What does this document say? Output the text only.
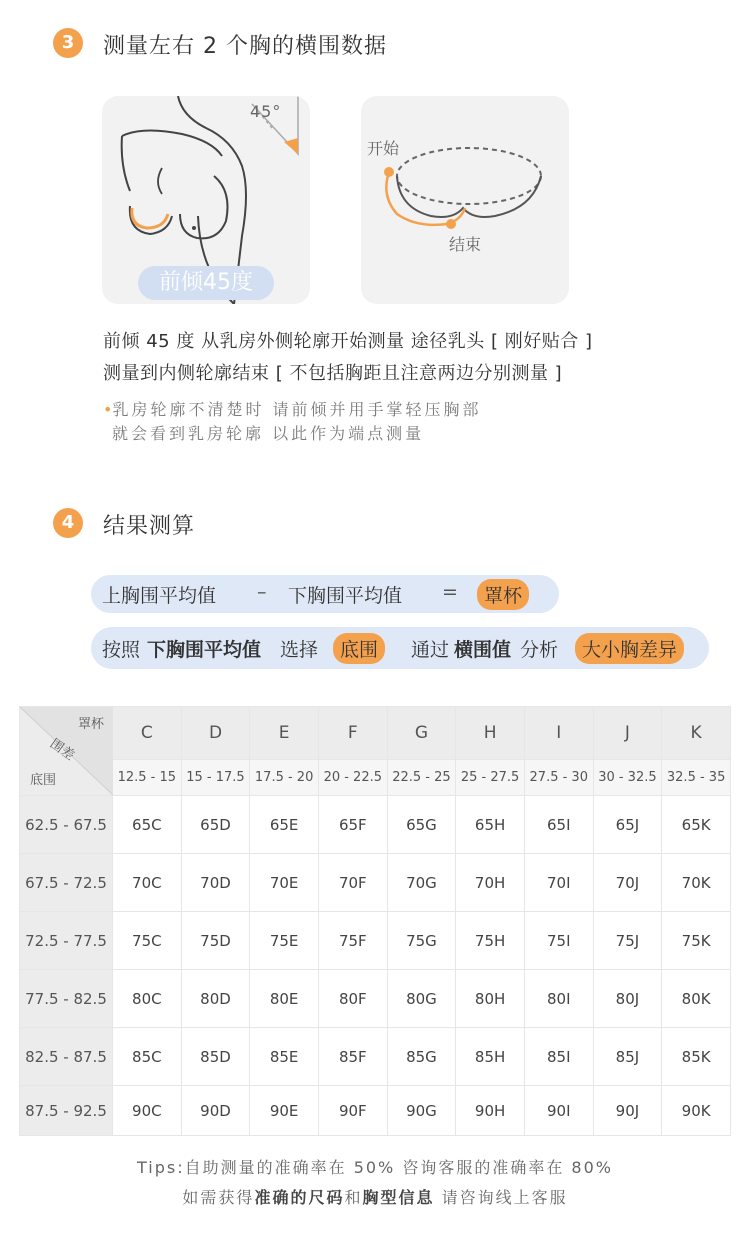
3	测量左右 2 个胸的横围数据
45°
前倾45度
开始
结束
前倾 45 度 从乳房外侧轮廓开始测量 途径乳头 [ 刚好贴合 ]
测量到内侧轮廓结束 [ 不包括胸距且注意两边分别测量 ]
•乳房轮廓不清楚时 请前倾并用手掌轻压胸部
就会看到乳房轮廓 以此作为端点测量
4	结果测算
上胸围平均值 – 下胸围平均值 =	罩杯
按照 下胸围平均值 选择	底围	通过 横围值 分析	大小胸差异
罩杯
围差
底围	C	D	E	F	G	H	I	J	K
	12.5 - 15	15 - 17.5	17.5 - 20	20 - 22.5	22.5 - 25	25 - 27.5	27.5 - 30	30 - 32.5	32.5 - 35
62.5 - 67.5	65C	65D	65E	65F	65G	65H	65I	65J	65K
67.5 - 72.5	70C	70D	70E	70F	70G	70H	70I	70J	70K
72.5 - 77.5	75C	75D	75E	75F	75G	75H	75I	75J	75K
77.5 - 82.5	80C	80D	80E	80F	80G	80H	80I	80J	80K
82.5 - 87.5	85C	85D	85E	85F	85G	85H	85I	85J	85K
87.5 - 92.5	90C	90D	90E	90F	90G	90H	90I	90J	90K
Tips:自助测量的准确率在 50% 咨询客服的准确率在 80%
如需获得准确的尺码和胸型信息 请咨询线上客服
